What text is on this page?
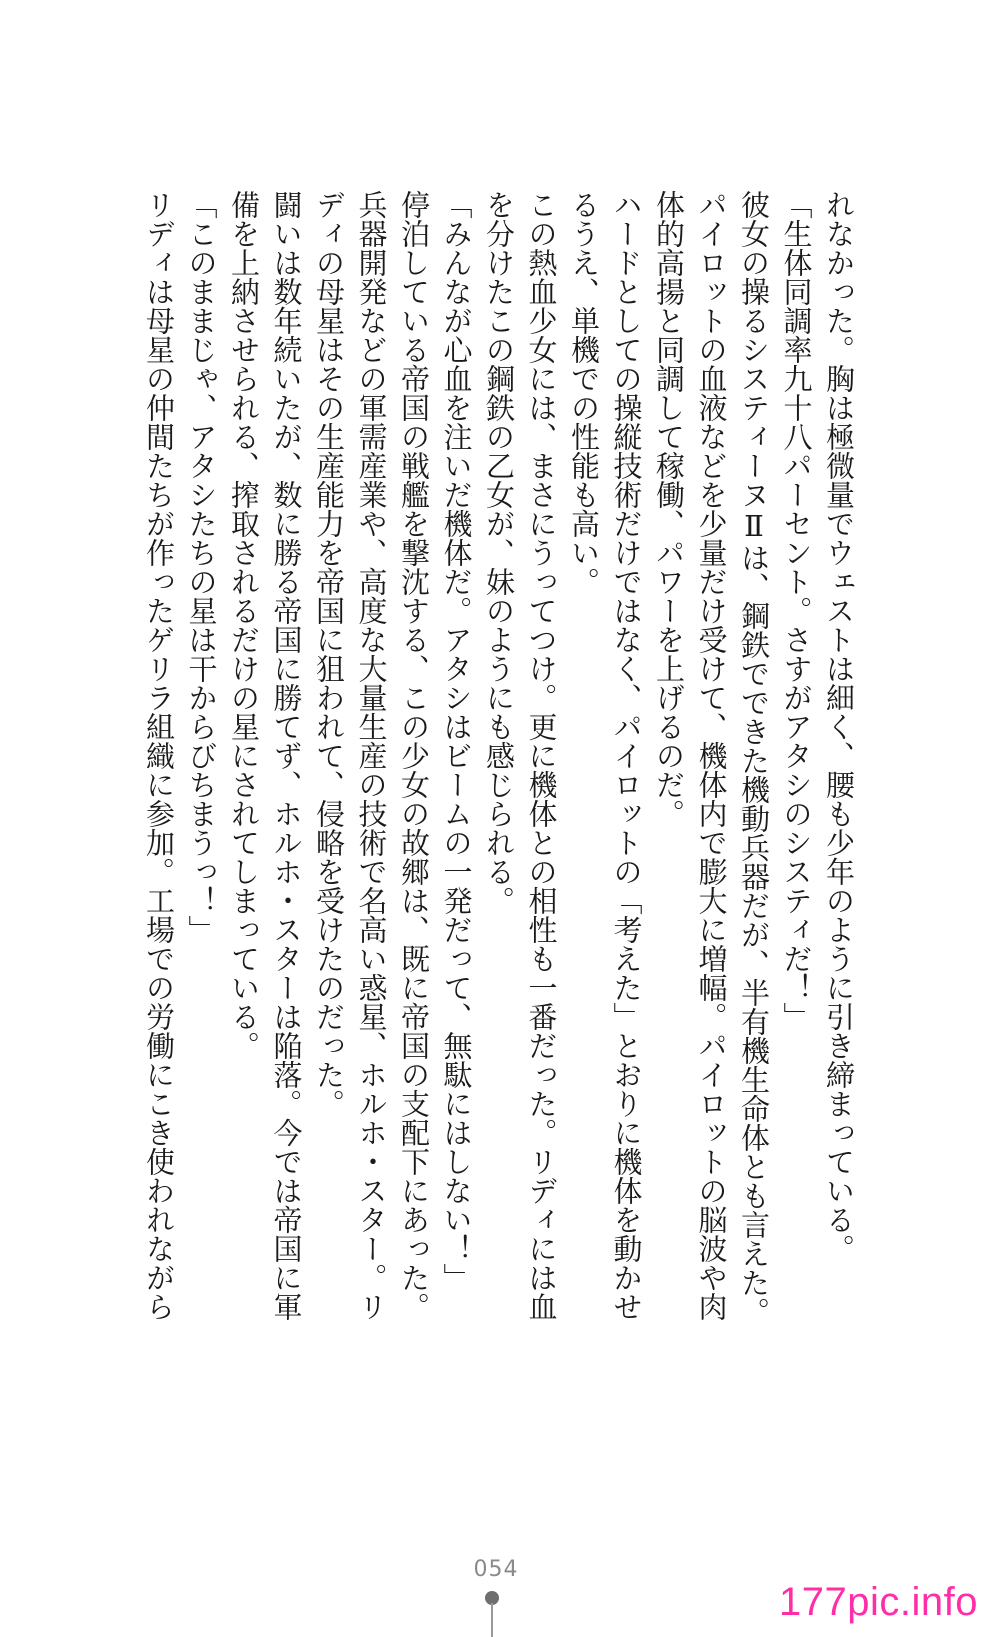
れなかった。胸は極微量でウェストは細く、腰も少年のように引き締まっている。

「生体同調率九十八パーセント。さすがアタシのシスティだ！」

彼女の操るシスティーヌⅡは、鋼鉄でできた機動兵器だが、半有機生命体とも言えた。

パイロットの血液などを少量だけ受けて、機体内で膨大に増幅。パイロットの脳波や肉

体的高揚と同調して稼働、パワーを上げるのだ。

ハードとしての操縦技術だけではなく、パイロットの「考えた」とおりに機体を動かせ

るうえ、単機での性能も高い。

この熱血少女には、まさにうってつけ。更に機体との相性も一番だった。リディには血

を分けたこの鋼鉄の乙女が、妹のようにも感じられる。

「みんなが心血を注いだ機体だ。アタシはビームの一発だって、無駄にはしない！」

停泊している帝国の戦艦を撃沈する、この少女の故郷は、既に帝国の支配下にあった。

兵器開発などの軍需産業や、高度な大量生産の技術で名高い惑星、ホルホ・スター。リ

ディの母星はその生産能力を帝国に狙われて、侵略を受けたのだった。

闘いは数年続いたが、数に勝る帝国に勝てず、ホルホ・スターは陥落。今では帝国に軍

備を上納させられる、搾取されるだけの星にされてしまっている。

「このままじゃ、アタシたちの星は干からびちまうっ！」

リディは母星の仲間たちが作ったゲリラ組織に参加。工場での労働にこき使われながら

054
177pic.info
